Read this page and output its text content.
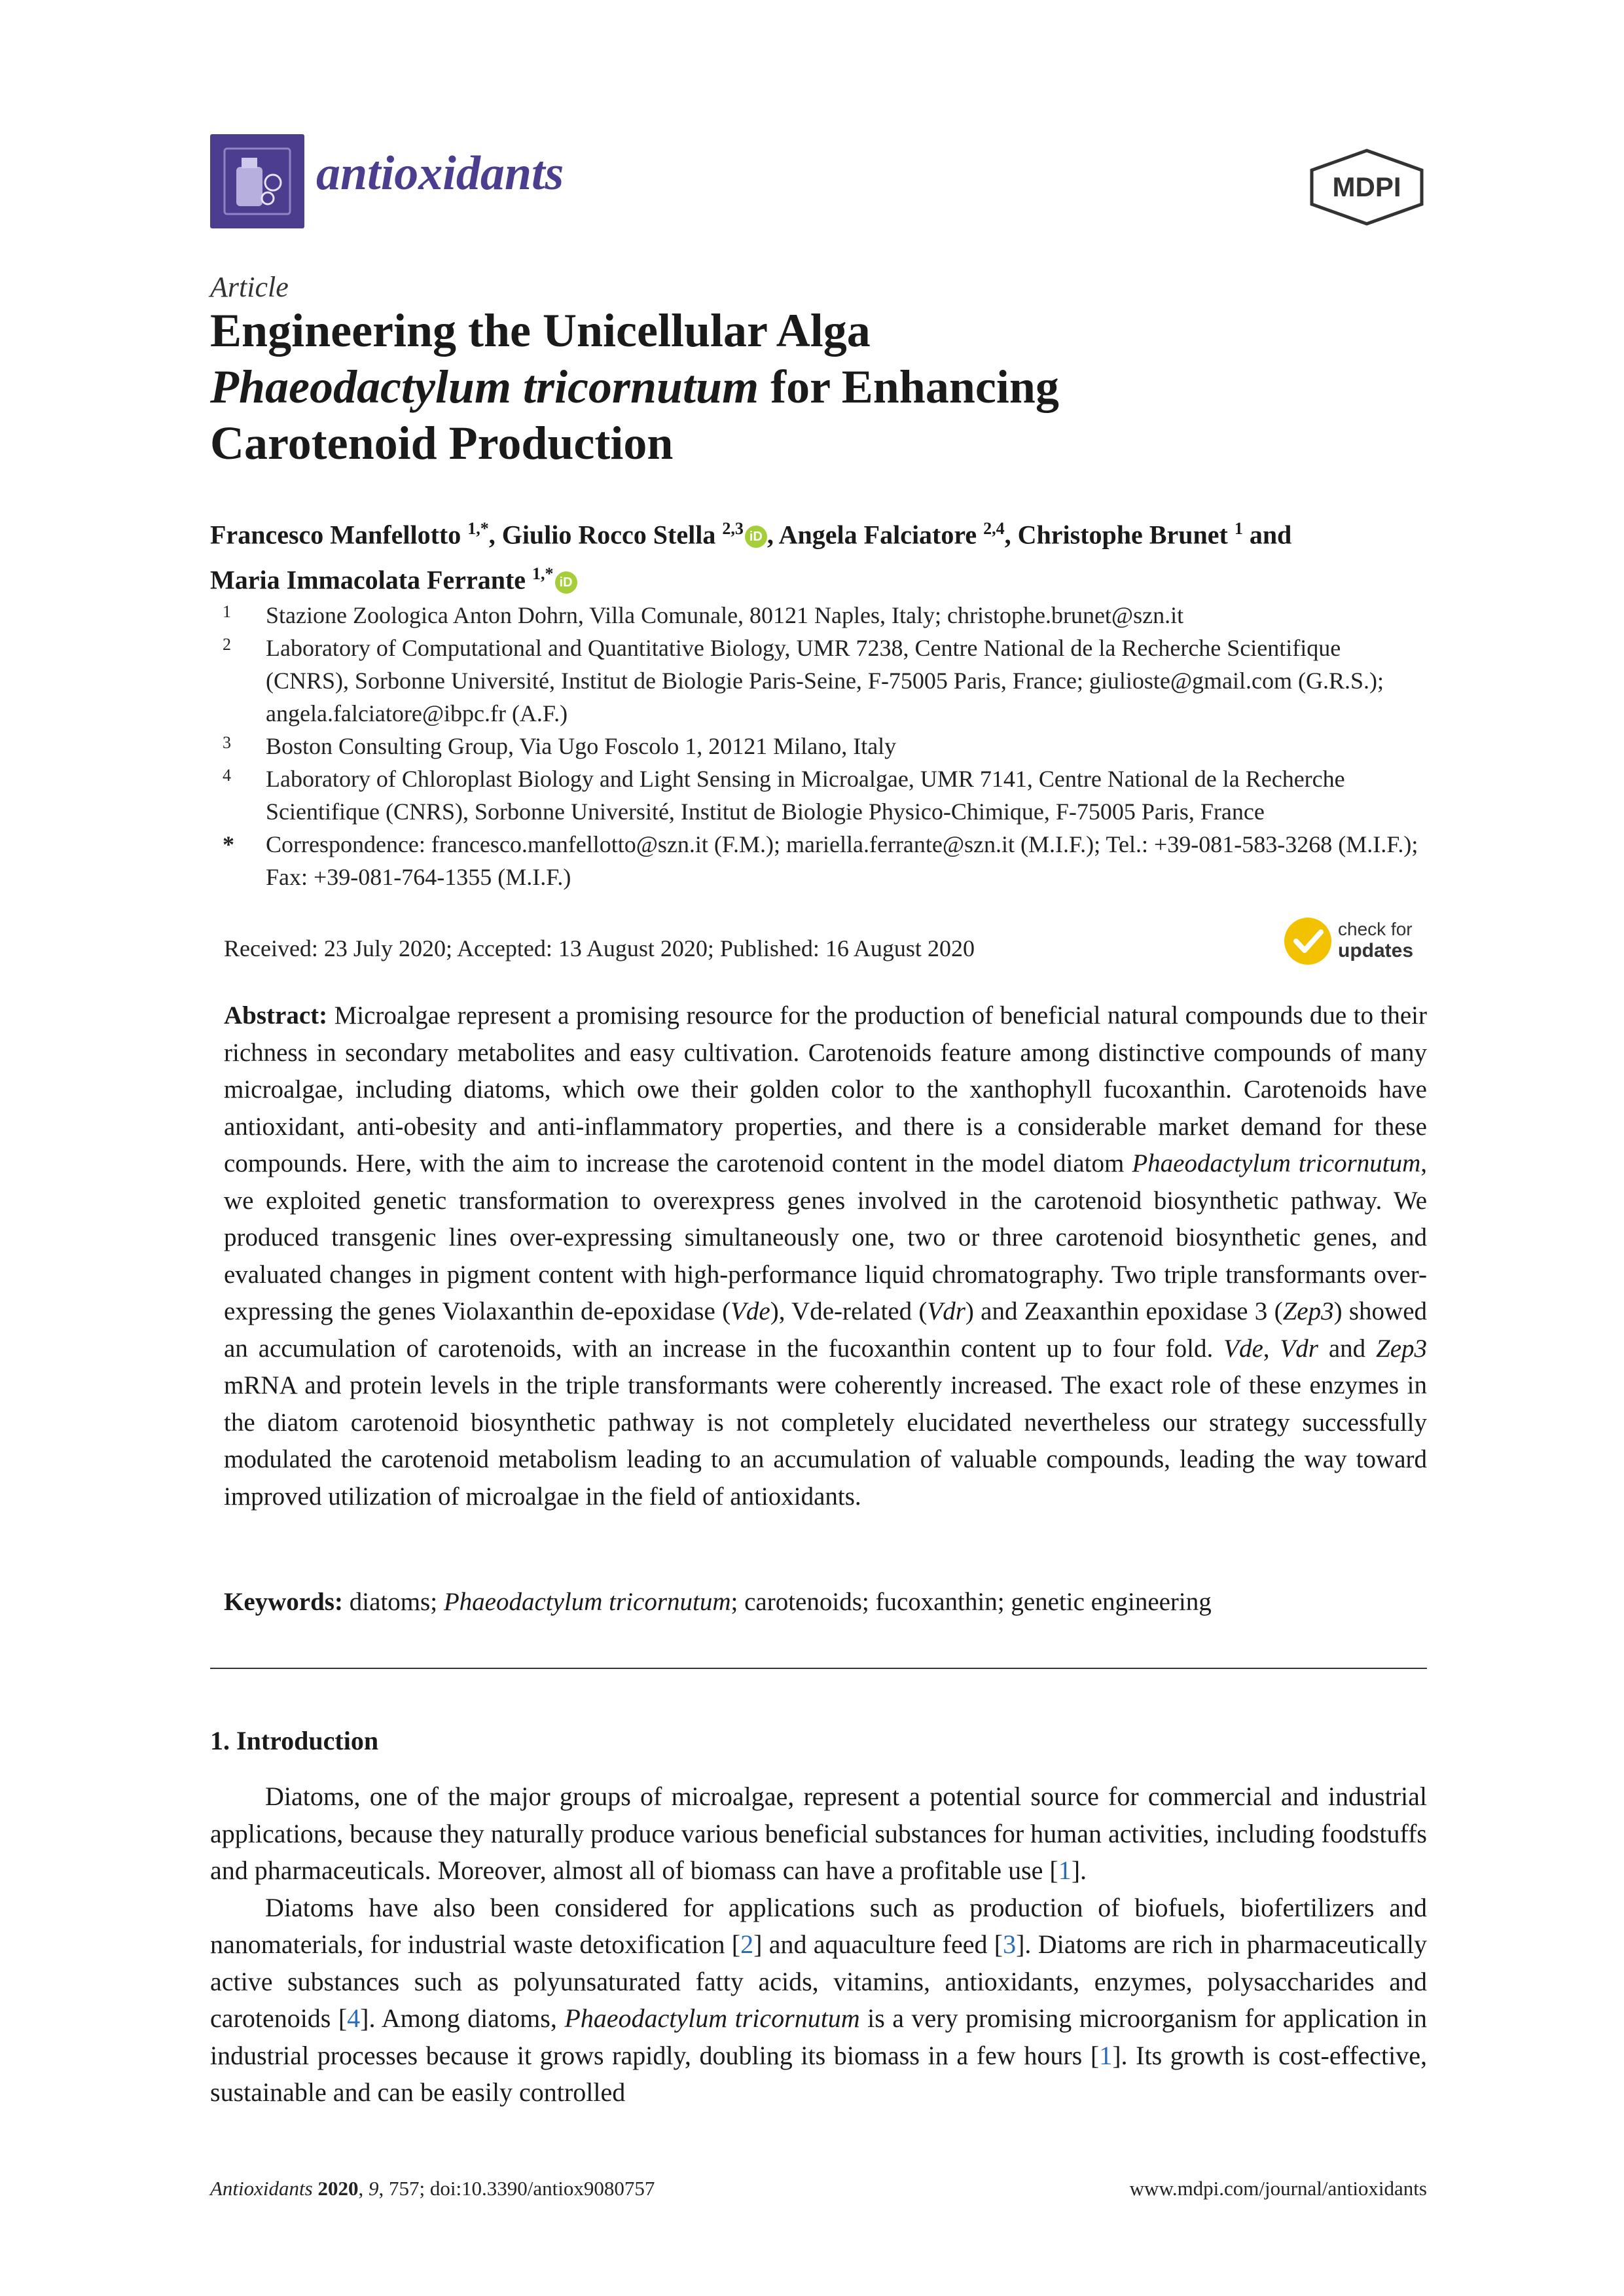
antioxidants	MDPI
Article
Engineering the Unicellular Alga
Phaeodactylum tricornutum for Enhancing
Carotenoid Production
Francesco Manfellotto $^{1,*}$, Giulio Rocco Stella $^{2,3}$ iD , Angela Falciatore $^{2,4}$, Christophe Brunet $^1$ and
Maria Immacolata Ferrante $^{1,*}$ iD
1	Stazione Zoologica Anton Dohrn, Villa Comunale, 80121 Naples, Italy; christophe.brunet@szn.it
2	Laboratory of Computational and Quantitative Biology, UMR 7238, Centre National de la Recherche Scientifique (CNRS), Sorbonne Université, Institut de Biologie Paris-Seine, F-75005 Paris, France; giulioste@gmail.com (G.R.S.); angela.falciatore@ibpc.fr (A.F.)
3	Boston Consulting Group, Via Ugo Foscolo 1, 20121 Milano, Italy
4	Laboratory of Chloroplast Biology and Light Sensing in Microalgae, UMR 7141, Centre National de la Recherche Scientifique (CNRS), Sorbonne Université, Institut de Biologie Physico-Chimique, F-75005 Paris, France
*	Correspondence: francesco.manfellotto@szn.it (F.M.); mariella.ferrante@szn.it (M.I.F.); Tel.: +39-081-583-3268 (M.I.F.); Fax: +39-081-764-1355 (M.I.F.)
Received: 23 July 2020; Accepted: 13 August 2020; Published: 16 August 2020
check for
updates
Abstract: Microalgae represent a promising resource for the production of beneficial natural compounds due to their richness in secondary metabolites and easy cultivation. Carotenoids feature among distinctive compounds of many microalgae, including diatoms, which owe their golden color to the xanthophyll fucoxanthin. Carotenoids have antioxidant, anti-obesity and anti-inflammatory properties, and there is a considerable market demand for these compounds. Here, with the aim to increase the carotenoid content in the model diatom Phaeodactylum tricornutum, we exploited genetic transformation to overexpress genes involved in the carotenoid biosynthetic pathway. We produced transgenic lines over-expressing simultaneously one, two or three carotenoid biosynthetic genes, and evaluated changes in pigment content with high-performance liquid chromatography. Two triple transformants over-expressing the genes Violaxanthin de-epoxidase (Vde), Vde-related (Vdr) and Zeaxanthin epoxidase 3 (Zep3) showed an accumulation of carotenoids, with an increase in the fucoxanthin content up to four fold. Vde, Vdr and Zep3 mRNA and protein levels in the triple transformants were coherently increased. The exact role of these enzymes in the diatom carotenoid biosynthetic pathway is not completely elucidated nevertheless our strategy successfully modulated the carotenoid metabolism leading to an accumulation of valuable compounds, leading the way toward improved utilization of microalgae in the field of antioxidants.
Keywords: diatoms; Phaeodactylum tricornutum; carotenoids; fucoxanthin; genetic engineering
1. Introduction

Diatoms, one of the major groups of microalgae, represent a potential source for commercial and industrial applications, because they naturally produce various beneficial substances for human activities, including foodstuffs and pharmaceuticals. Moreover, almost all of biomass can have a profitable use [1].

Diatoms have also been considered for applications such as production of biofuels, biofertilizers and nanomaterials, for industrial waste detoxification [2] and aquaculture feed [3]. Diatoms are rich in pharmaceutically active substances such as polyunsaturated fatty acids, vitamins, antioxidants, enzymes, polysaccharides and carotenoids [4]. Among diatoms, Phaeodactylum tricornutum is a very promising microorganism for application in industrial processes because it grows rapidly, doubling its biomass in a few hours [1]. Its growth is cost-effective, sustainable and can be easily controlled

Antioxidants 2020, 9, 757; doi:10.3390/antiox9080757	www.mdpi.com/journal/antioxidants
